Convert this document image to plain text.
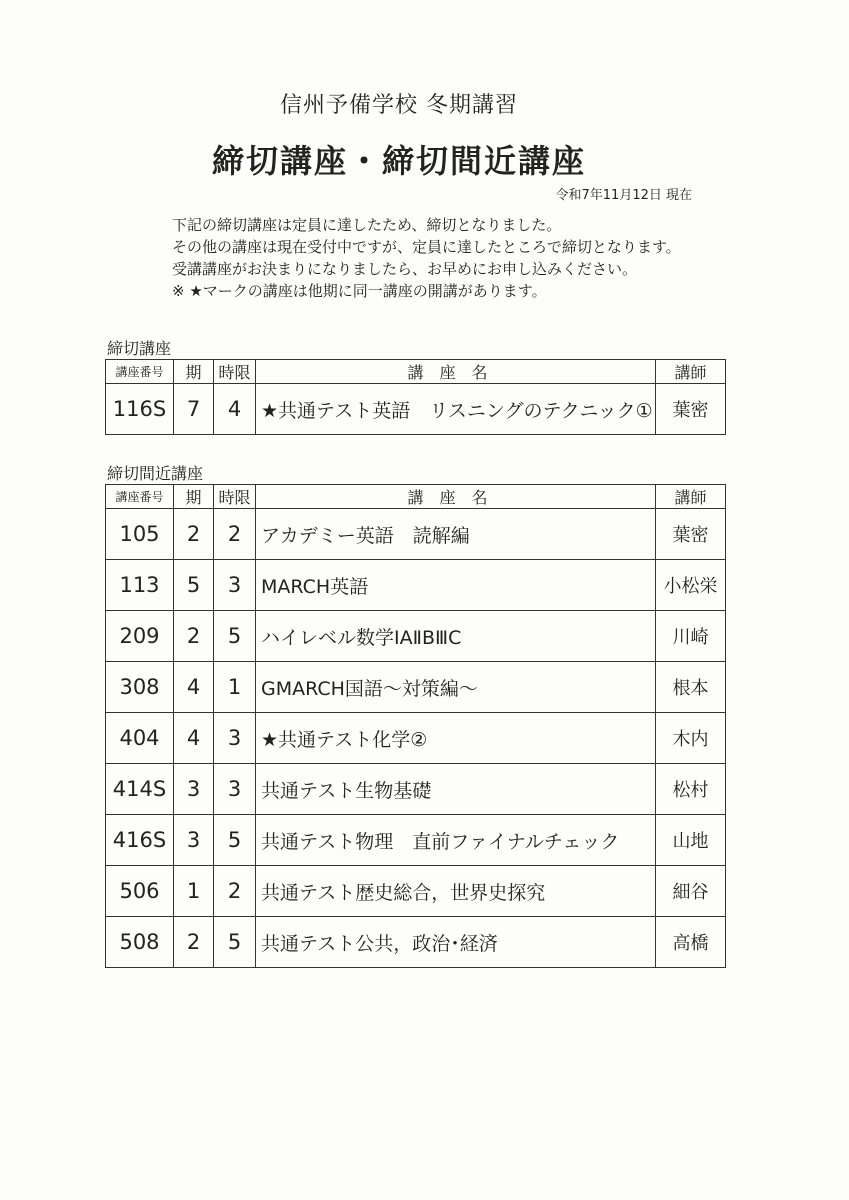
信州予備学校 冬期講習
締切講座・締切間近講座
令和7年11月12日 現在
下記の締切講座は定員に達したため、締切となりました。
その他の講座は現在受付中ですが、定員に達したところで締切となります。
受講講座がお決まりになりましたら、お早めにお申し込みください。
※ ★マークの講座は他期に同一講座の開講があります。
締切講座
講座番号	期	時限	講座名	講師
116S	7	4	★共通テスト英語　リスニングのテクニック①	葉密
締切間近講座
講座番号	期	時限	講座名	講師
105	2	2	アカデミー英語　読解編	葉密
113	5	3	MARCH英語	小松栄
209	2	5	ハイレベル数学ⅠAⅡBⅢC	川崎
308	4	1	GMARCH国語～対策編～	根本
404	4	3	★共通テスト化学②	木内
414S	3	3	共通テスト生物基礎	松村
416S	3	5	共通テスト物理　直前ファイナルチェック	山地
506	1	2	共通テスト歴史総合，世界史探究	細谷
508	2	5	共通テスト公共，政治･経済	高橋
